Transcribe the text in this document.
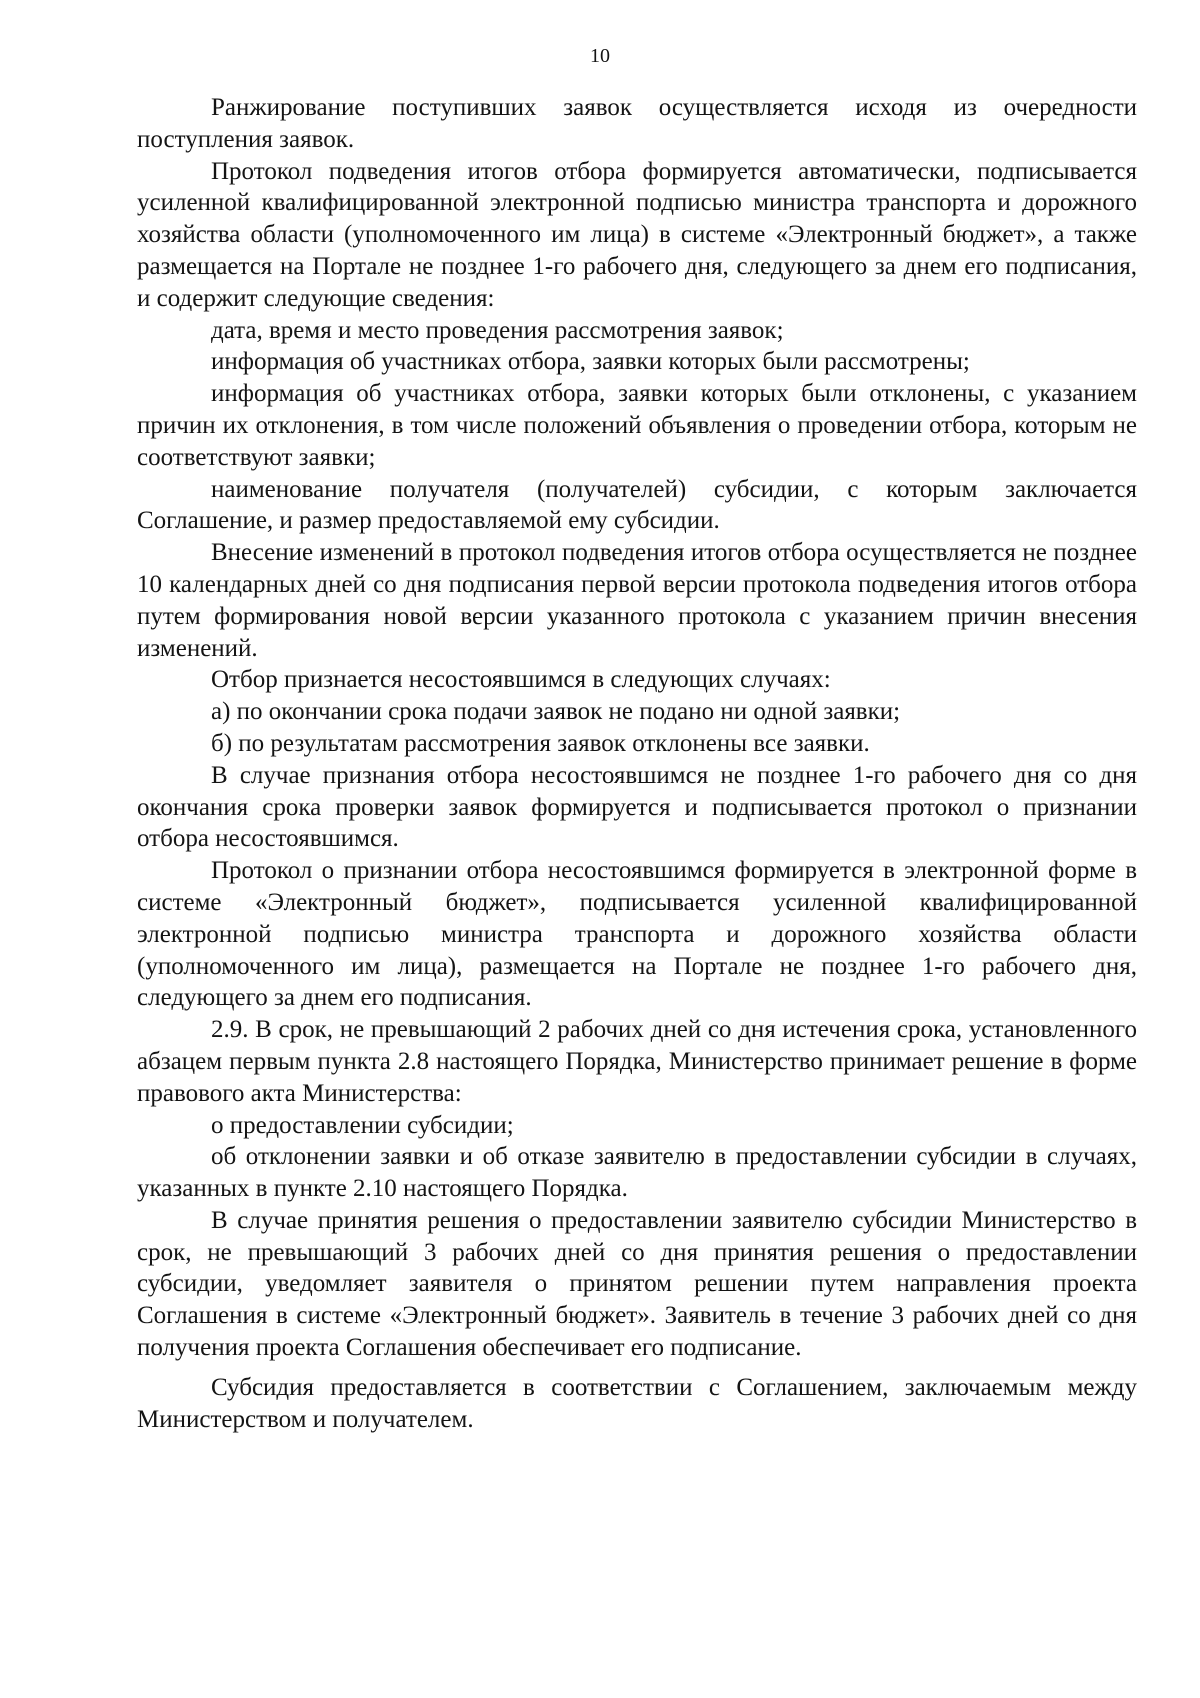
10

Ранжирование поступивших заявок осуществляется исходя из очередности поступления заявок.

Протокол подведения итогов отбора формируется автоматически, подписывается усиленной квалифицированной электронной подписью министра транспорта и дорожного хозяйства области (уполномоченного им лица) в системе «Электронный бюджет», а также размещается на Портале не позднее 1-го рабочего дня, следующего за днем его подписания, и содержит следующие сведения:

дата, время и место проведения рассмотрения заявок;

информация об участниках отбора, заявки которых были рассмотрены;

информация об участниках отбора, заявки которых были отклонены, с указанием причин их отклонения, в том числе положений объявления о проведении отбора, которым не соответствуют заявки;

наименование получателя (получателей) субсидии, с которым заключается Соглашение, и размер предоставляемой ему субсидии.

Внесение изменений в протокол подведения итогов отбора осуществляется не позднее 10 календарных дней со дня подписания первой версии протокола подведения итогов отбора путем формирования новой версии указанного протокола с указанием причин внесения изменений.

Отбор признается несостоявшимся в следующих случаях:

а) по окончании срока подачи заявок не подано ни одной заявки;

б) по результатам рассмотрения заявок отклонены все заявки.

В случае признания отбора несостоявшимся не позднее 1-го рабочего дня со дня окончания срока проверки заявок формируется и подписывается протокол о признании отбора несостоявшимся.

Протокол о признании отбора несостоявшимся формируется в электронной форме в системе «Электронный бюджет», подписывается усиленной квалифицированной электронной подписью министра транспорта и дорожного хозяйства области (уполномоченного им лица), размещается на Портале не позднее 1-го рабочего дня, следующего за днем его подписания.

2.9. В срок, не превышающий 2 рабочих дней со дня истечения срока, установленного абзацем первым пункта 2.8 настоящего Порядка, Министерство принимает решение в форме правового акта Министерства:

о предоставлении субсидии;

об отклонении заявки и об отказе заявителю в предоставлении субсидии в случаях, указанных в пункте 2.10 настоящего Порядка.

В случае принятия решения о предоставлении заявителю субсидии Министерство в срок, не превышающий 3 рабочих дней со дня принятия решения о предоставлении субсидии, уведомляет заявителя о принятом решении путем направления проекта Соглашения в системе «Электронный бюджет». Заявитель в течение 3 рабочих дней со дня получения проекта Соглашения обеспечивает его подписание.

Субсидия предоставляется в соответствии с Соглашением, заключаемым между Министерством и получателем.
